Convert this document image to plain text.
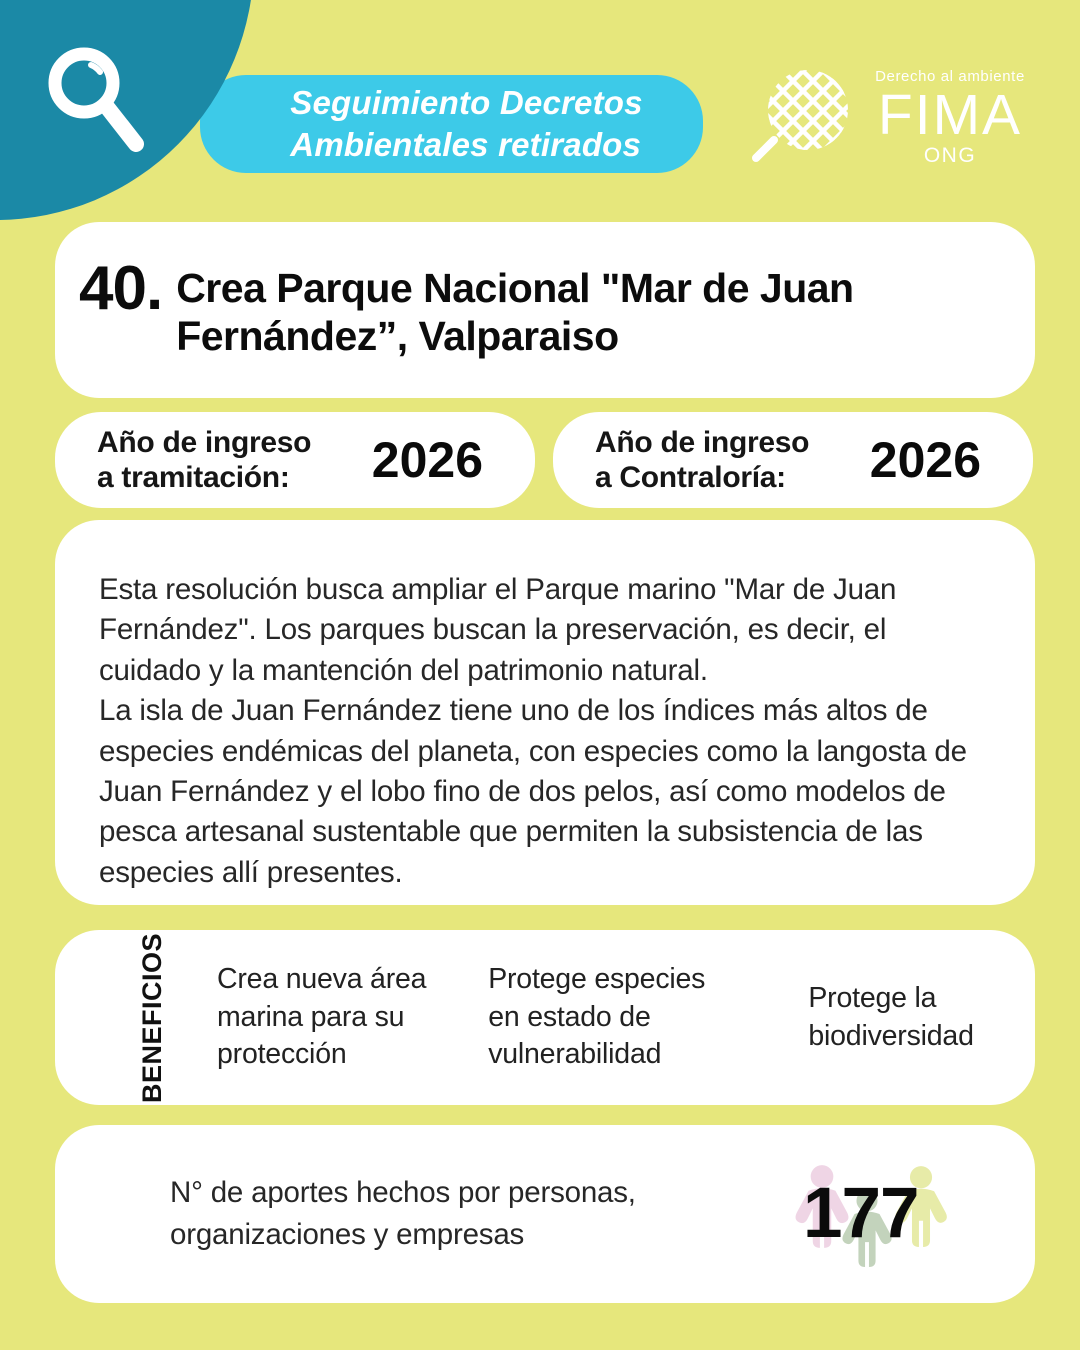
Seguimiento Decretos
Ambientales retirados
Derecho al ambiente
FIMA
ONG
40. Crea Parque Nacional "Mar de Juan
Fernández”, Valparaiso
Año de ingreso
a tramitación:	2026	Año de ingreso
a Contraloría:	2026
Esta resolución busca ampliar el Parque marino "Mar de Juan Fernández". Los parques buscan la preservación, es decir, el cuidado y la mantención del patrimonio natural.
La isla de Juan Fernández tiene uno de los índices más altos de especies endémicas del planeta, con especies como la langosta de Juan Fernández y el lobo fino de dos pelos, así como modelos de pesca artesanal sustentable que permiten la subsistencia de las especies allí presentes.
BENEFICIOS Crea nueva área marina para su protección
Protege especies en estado de vulnerabilidad
Protege la biodiversidad
N° de aportes hechos por personas, organizaciones y empresas	177
